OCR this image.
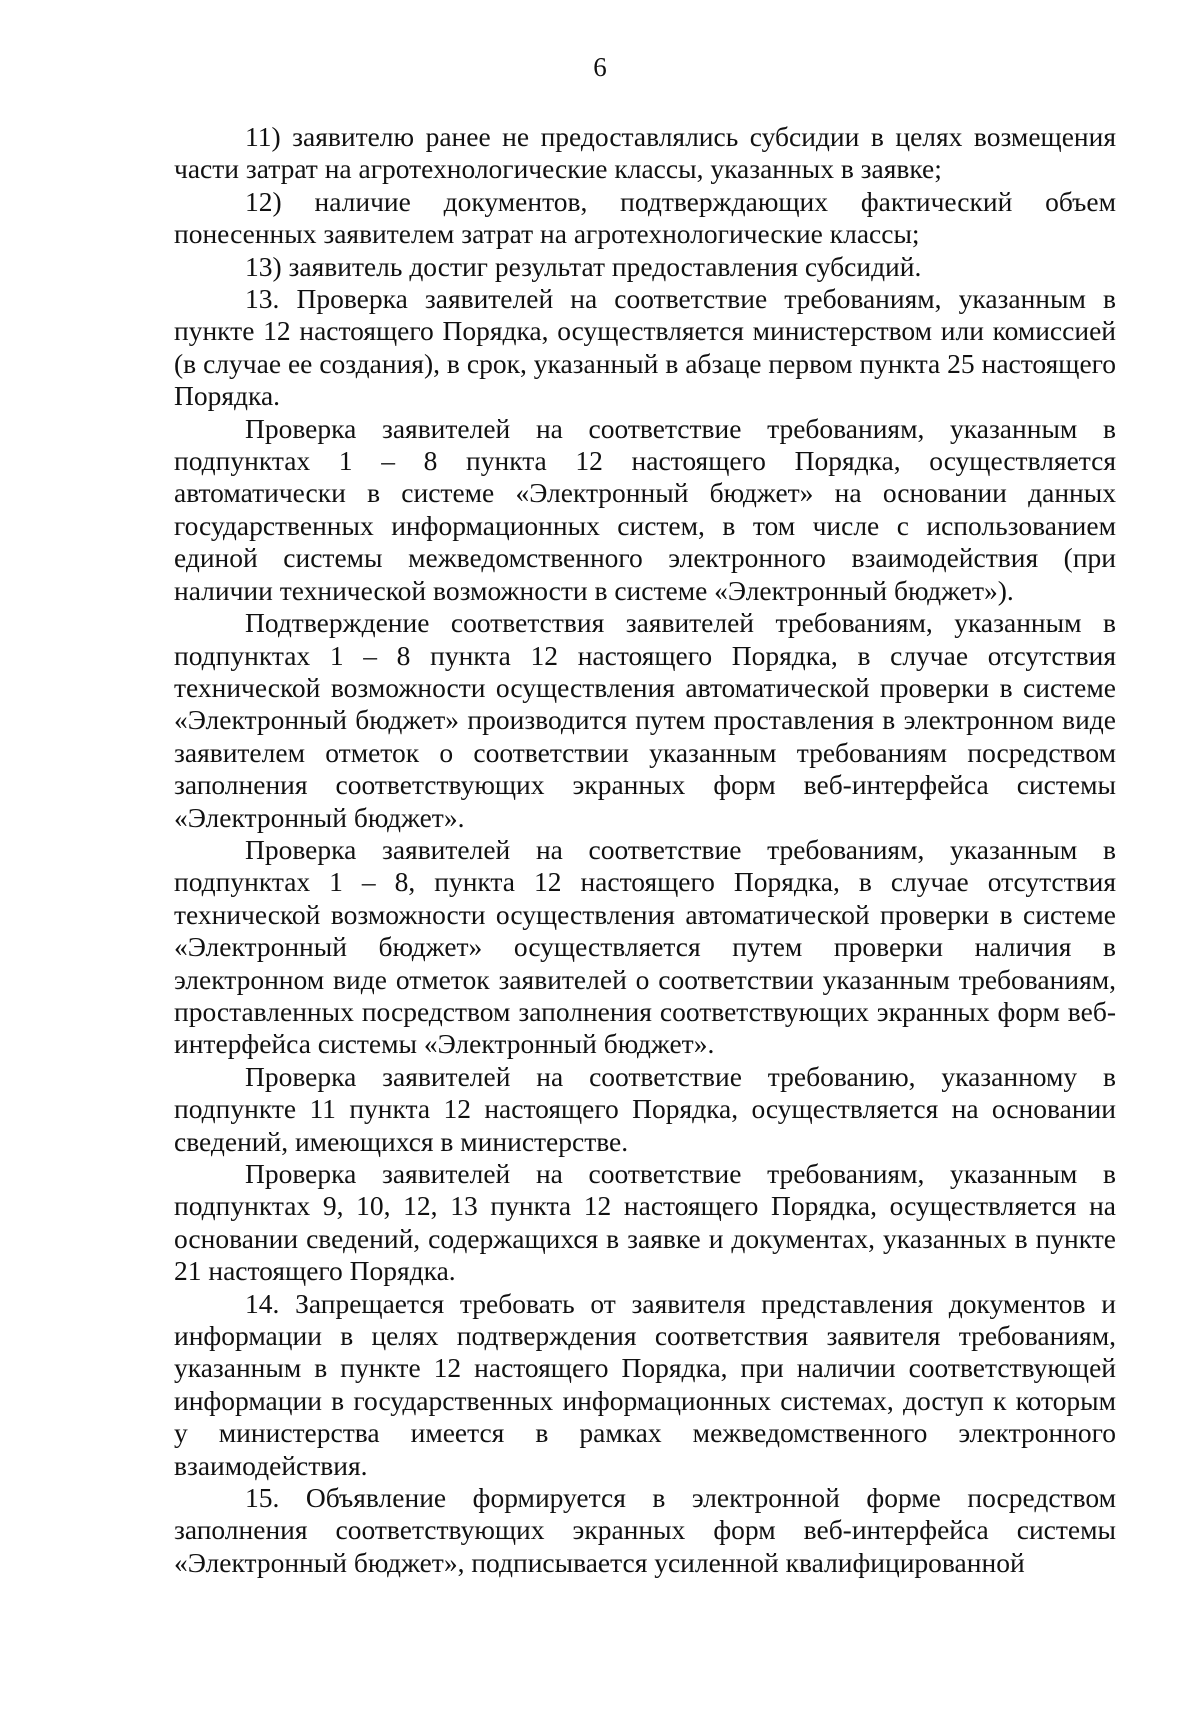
6

11) заявителю ранее не предоставлялись субсидии в целях возмещения части затрат на агротехнологические классы, указанных в заявке;

12) наличие документов, подтверждающих фактический объем понесенных заявителем затрат на агротехнологические классы;

13) заявитель достиг результат предоставления субсидий.

13. Проверка заявителей на соответствие требованиям, указанным в пункте 12 настоящего Порядка, осуществляется министерством или комиссией (в случае ее создания), в срок, указанный в абзаце первом пункта 25 настоящего Порядка.

Проверка заявителей на соответствие требованиям, указанным в подпунктах 1 – 8 пункта 12 настоящего Порядка, осуществляется автоматически в системе «Электронный бюджет» на основании данных государственных информационных систем, в том числе с использованием единой системы межведомственного электронного взаимодействия (при наличии технической возможности в системе «Электронный бюджет»).

Подтверждение соответствия заявителей требованиям, указанным в подпунктах 1 – 8 пункта 12 настоящего Порядка, в случае отсутствия технической возможности осуществления автоматической проверки в системе «Электронный бюджет» производится путем проставления в электронном виде заявителем отметок о соответствии указанным требованиям посредством заполнения соответствующих экранных форм веб-интерфейса системы «Электронный бюджет».

Проверка заявителей на соответствие требованиям, указанным в подпунктах 1 – 8, пункта 12 настоящего Порядка, в случае отсутствия технической возможности осуществления автоматической проверки в системе «Электронный бюджет» осуществляется путем проверки наличия в электронном виде отметок заявителей о соответствии указанным требованиям, проставленных посредством заполнения соответствующих экранных форм веб-интерфейса системы «Электронный бюджет».

Проверка заявителей на соответствие требованию, указанному в подпункте 11 пункта 12 настоящего Порядка, осуществляется на основании сведений, имеющихся в министерстве.

Проверка заявителей на соответствие требованиям, указанным в подпунктах 9, 10, 12, 13 пункта 12 настоящего Порядка, осуществляется на основании сведений, содержащихся в заявке и документах, указанных в пункте 21 настоящего Порядка.

14. Запрещается требовать от заявителя представления документов и информации в целях подтверждения соответствия заявителя требованиям, указанным в пункте 12 настоящего Порядка, при наличии соответствующей информации в государственных информационных системах, доступ к которым у министерства имеется в рамках межведомственного электронного взаимодействия.

15. Объявление формируется в электронной форме посредством заполнения соответствующих экранных форм веб-интерфейса системы «Электронный бюджет», подписывается усиленной квалифицированной
